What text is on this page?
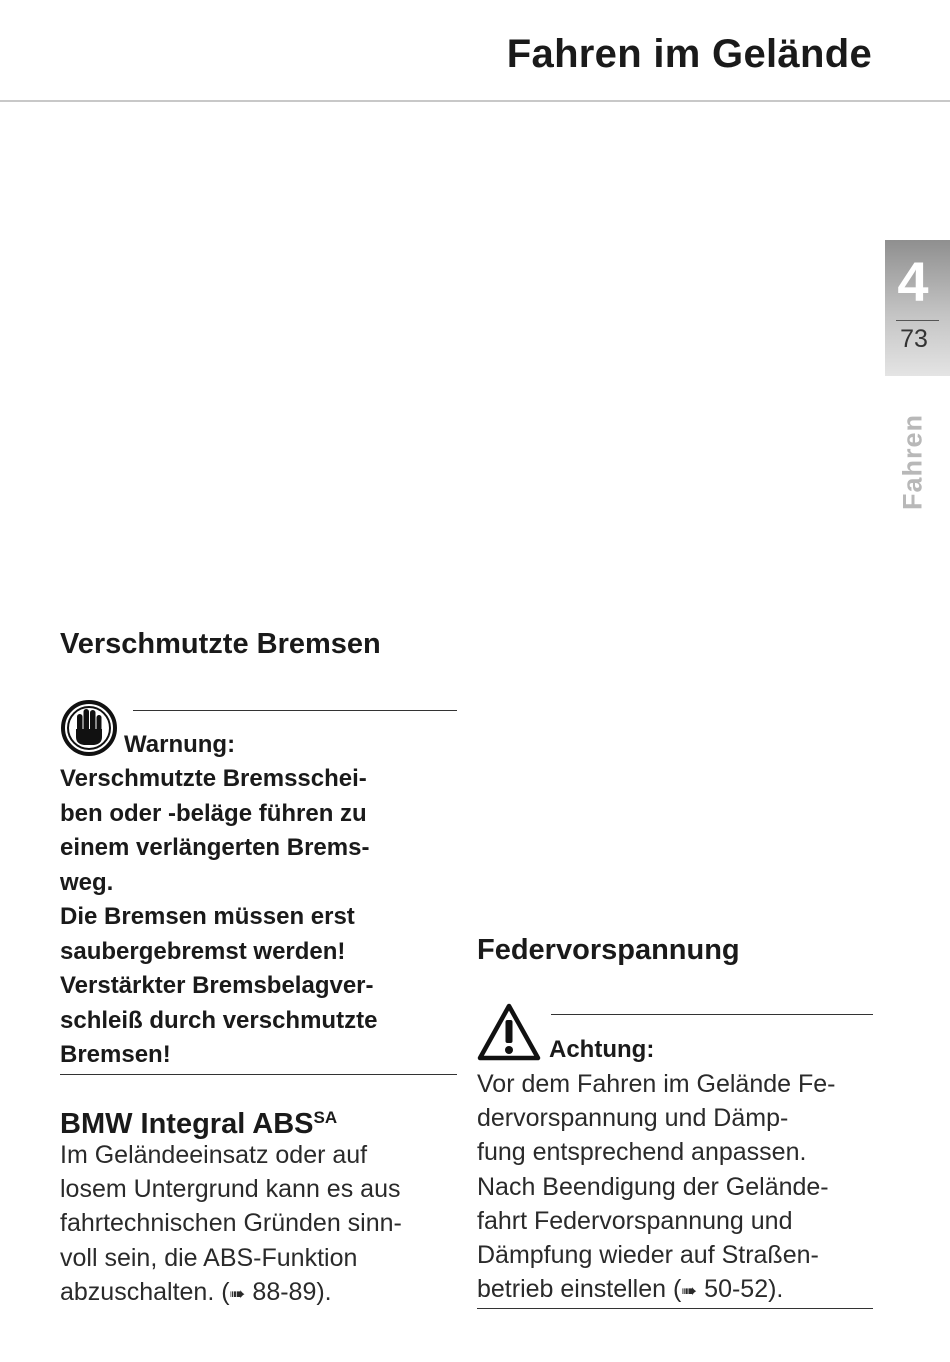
Fahren im Gelände
4
73
Fahren
Verschmutzte Bremsen
Warnung:
Verschmutzte Bremsschei-
ben oder -beläge führen zu
einem verlängerten Brems-
weg.
Die Bremsen müssen erst
saubergebremst werden!
Verstärkter Bremsbelagver-
schleiß durch verschmutzte
Bremsen!
BMW Integral $ABS^{SA}$
Im Geländeeinsatz oder auf
losem Untergrund kann es aus
fahrtechnischen Gründen sinn-
voll sein, die ABS-Funktion
abzuschalten. (➠ 88-89).
Federvorspannung
Achtung:
Vor dem Fahren im Gelände Fe-
dervorspannung und Dämp-
fung entsprechend anpassen.
Nach Beendigung der Gelände-
fahrt Federvorspannung und
Dämpfung wieder auf Straßen-
betrieb einstellen (➠ 50-52).
